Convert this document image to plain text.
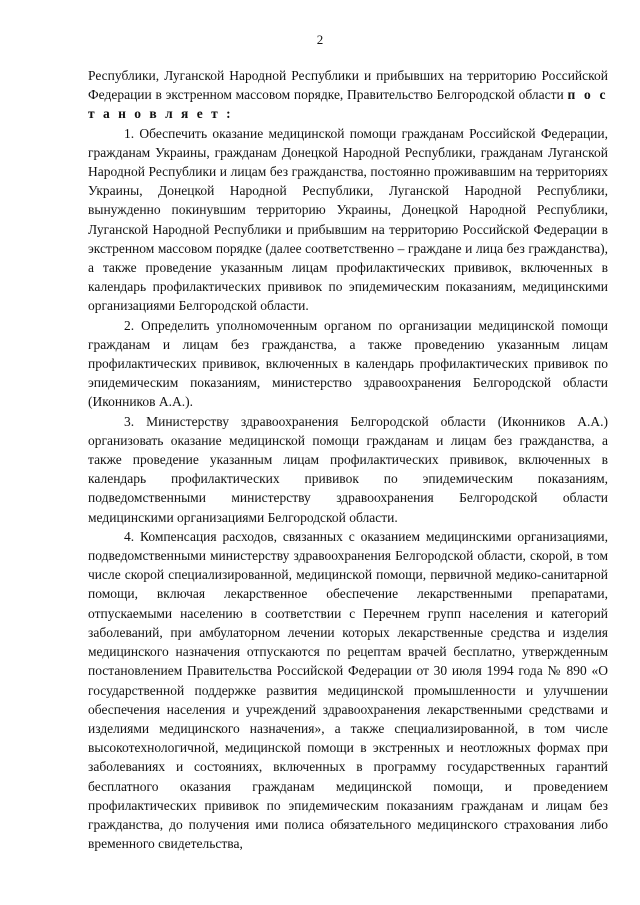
2

Республики, Луганской Народной Республики и прибывших на территорию Российской Федерации в экстренном массовом порядке, Правительство Белгородской области п о с т а н о в л я е т :

1. Обеспечить оказание медицинской помощи гражданам Российской Федерации, гражданам Украины, гражданам Донецкой Народной Республики, гражданам Луганской Народной Республики и лицам без гражданства, постоянно проживавшим на территориях Украины, Донецкой Народной Республики, Луганской Народной Республики, вынужденно покинувшим территорию Украины, Донецкой Народной Республики, Луганской Народной Республики и прибывшим на территорию Российской Федерации в экстренном массовом порядке (далее соответственно – граждане и лица без гражданства), а также проведение указанным лицам профилактических прививок, включенных в календарь профилактических прививок по эпидемическим показаниям, медицинскими организациями Белгородской области.

2. Определить уполномоченным органом по организации медицинской помощи гражданам и лицам без гражданства, а также проведению указанным лицам профилактических прививок, включенных в календарь профилактических прививок по эпидемическим показаниям, министерство здравоохранения Белгородской области (Иконников А.А.).

3. Министерству здравоохранения Белгородской области (Иконников А.А.) организовать оказание медицинской помощи гражданам и лицам без гражданства, а также проведение указанным лицам профилактических прививок, включенных в календарь профилактических прививок по эпидемическим показаниям, подведомственными министерству здравоохранения Белгородской области медицинскими организациями Белгородской области.

4. Компенсация расходов, связанных с оказанием медицинскими организациями, подведомственными министерству здравоохранения Белгородской области, скорой, в том числе скорой специализированной, медицинской помощи, первичной медико-санитарной помощи, включая лекарственное обеспечение лекарственными препаратами, отпускаемыми населению в соответствии с Перечнем групп населения и категорий заболеваний, при амбулаторном лечении которых лекарственные средства и изделия медицинского назначения отпускаются по рецептам врачей бесплатно, утвержденным постановлением Правительства Российской Федерации от 30 июля 1994 года № 890 «О государственной поддержке развития медицинской промышленности и улучшении обеспечения населения и учреждений здравоохранения лекарственными средствами и изделиями медицинского назначения», а также специализированной, в том числе высокотехнологичной, медицинской помощи в экстренных и неотложных формах при заболеваниях и состояниях, включенных в программу государственных гарантий бесплатного оказания гражданам медицинской помощи, и проведением профилактических прививок по эпидемическим показаниям гражданам и лицам без гражданства, до получения ими полиса обязательного медицинского страхования либо временного свидетельства,
